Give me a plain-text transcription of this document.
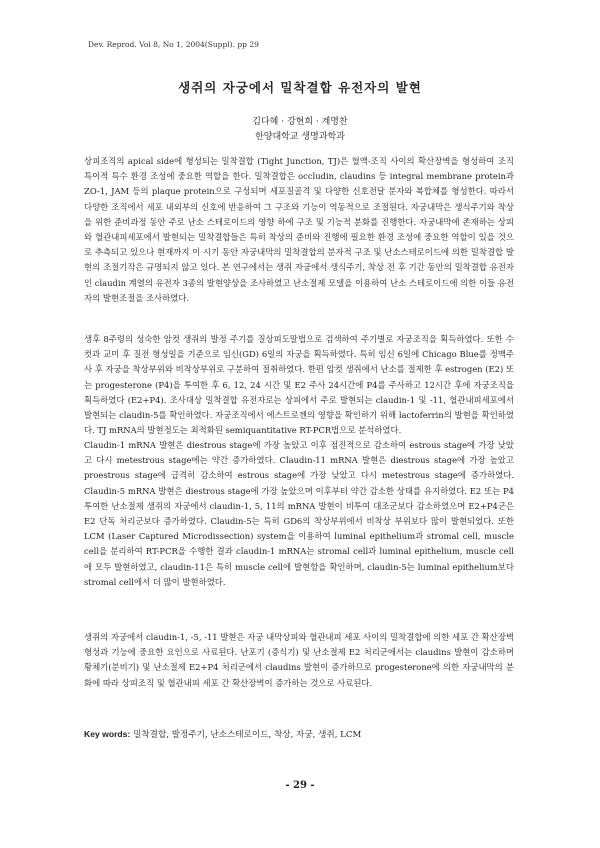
Dev. Reprod. Vol 8, No 1, 2004(Suppl). pp 29
생쥐의 자궁에서 밀착결합 유전자의 발현
김다혜 · 강현희 · 계명찬
한양대학교 생명과학과

상피조직의 apical side에 형성되는 밀착결합 (Tight Junction, TJ)은 혈액-조직 사이의 확산장벽을 형성하여 조직 특이적 특수 환경 조성에 중요한 역할을 한다. 밀착결합은 occludin, claudins 등 integral membrane protein과 ZO-1, JAM 등의 plaque protein으로 구성되며 세포질골격 및 다양한 신호전달 분자와 복합체를 형성한다. 따라서 다양한 조직에서 세포 내외부의 신호에 반응하여 그 구조와 기능이 역동적으로 조절된다. 자궁내막은 생식주기와 착상을 위한 준비과정 동안 주로 난소 스테로이드의 영향 하에 구조 및 기능적 분화를 진행한다. 자궁내막에 존재하는 상피와 혈관내피세포에서 발현되는 밀착결합들은 특히 착상의 준비와 진행에 필요한 환경 조성에 중요한 역할이 있을 것으로 추측되고 있으나 현재까지 이 시기 동안 자궁내막의 밀착결합의 분자적 구조 및 난소스테로이드에 의한 밀착결합 발현의 조절기작은 규명되지 않고 있다. 본 연구에서는 생쥐 자궁에서 생식주기, 착상 전 후 기간 동안의 밀착결합 유전자인 claudin 계열의 유전자 3종의 발현양상을 조사하였고 난소절제 모델을 이용하여 난소 스테로이드에 의한 이들 유전자의 발현조절을 조사하였다.

생후 8주령의 성숙한 암컷 생쥐의 발정 주기를 질상피도말법으로 검색하여 주기별로 자궁조직을 획득하였다. 또한 수컷과 교미 후 질전 형성일을 기준으로 임신(GD) 6일의 자궁을 획득하였다. 특히 임신 6일에 Chicago Blue를 정맥주사 후 자궁을 착상부위와 비착상부위로 구분하여 절취하였다. 한편 암컷 생쥐에서 난소를 절제한 후 estrogen (E2) 또는 progesterone (P4)을 투여한 후 6, 12, 24 시간 및 E2 주사 24시간에 P4를 주사하고 12시간 후에 자궁조직을 획득하였다 (E2+P4). 조사대상 밀착결합 유전자로는 상피에서 주로 발현되는 claudin-1 및 -11, 혈관내피세포에서 발현되는 claudin-5를 확인하였다. 자궁조직에서 에스트로젠의 영향을 확인하기 위해 lactoferrin의 발현을 확인하였다. TJ mRNA의 발현정도는 최적화된 semiquantitative RT-PCR법으로 분석하였다.

Claudin-1 mRNA 발현은 diestrous stage에 가장 높았고 이후 점진적으로 감소하여 estrous stage에 가장 낮았고 다시 metestrous stage에는 약간 증가하였다. Claudin-11 mRNA 발현은 diestrous stage에 가장 높았고 proestrous stage에 급격히 감소하여 estrous stage에 가장 낮았고 다시 metestrous stage에 증가하였다. Claudin-5 mRNA 발현은 diestrous stage에 가장 높았으며 이후부터 약간 감소한 상태를 유지하였다. E2 또는 P4 투여한 난소절제 생쥐의 자궁에서 claudin-1, 5, 11의 mRNA 발현이 비투여 대조군보다 감소하였으며 E2+P4군은 E2 단독 처리군보다 증가하였다. Claudin-5는 특히 GD6의 착상부위에서 비착상 부위보다 많이 발현되었다. 또한 LCM (Laser Captured Microdissection) system을 이용하여 luminal epithelium과 stromal cell, muscle cell을 분리하여 RT-PCR을 수행한 결과 claudin-1 mRNA는 stromal cell과 luminal epithelium, muscle cell에 모두 발현하였고, claudin-11은 특히 muscle cell에 발현함을 확인하며, claudin-5는 luminal epithelium보다 stromal cell에서 더 많이 발현하였다.

생쥐의 자궁에서 claudin-1, -5, -11 발현은 자궁 내막상피와 혈관내피 세포 사이의 밀착결합에 의한 세포 간 확산장벽 형성과 기능에 중요한 요인으로 사료된다. 난포기 (증식기) 및 난소절제 E2 처리군에서는 claudins 발현이 감소하며 황체기(분비기) 및 난소절제 E2+P4 처리군에서 claudins 발현이 증가하므로 progesterone에 의한 자궁내막의 분화에 따라 상피조직 및 혈관내피 세포 간 확산장벽이 증가하는 것으로 사료된다.

Key words: 밀착결합, 발정주기, 난소스테로이드, 착상, 자궁, 생쥐, LCM
- 29 -
